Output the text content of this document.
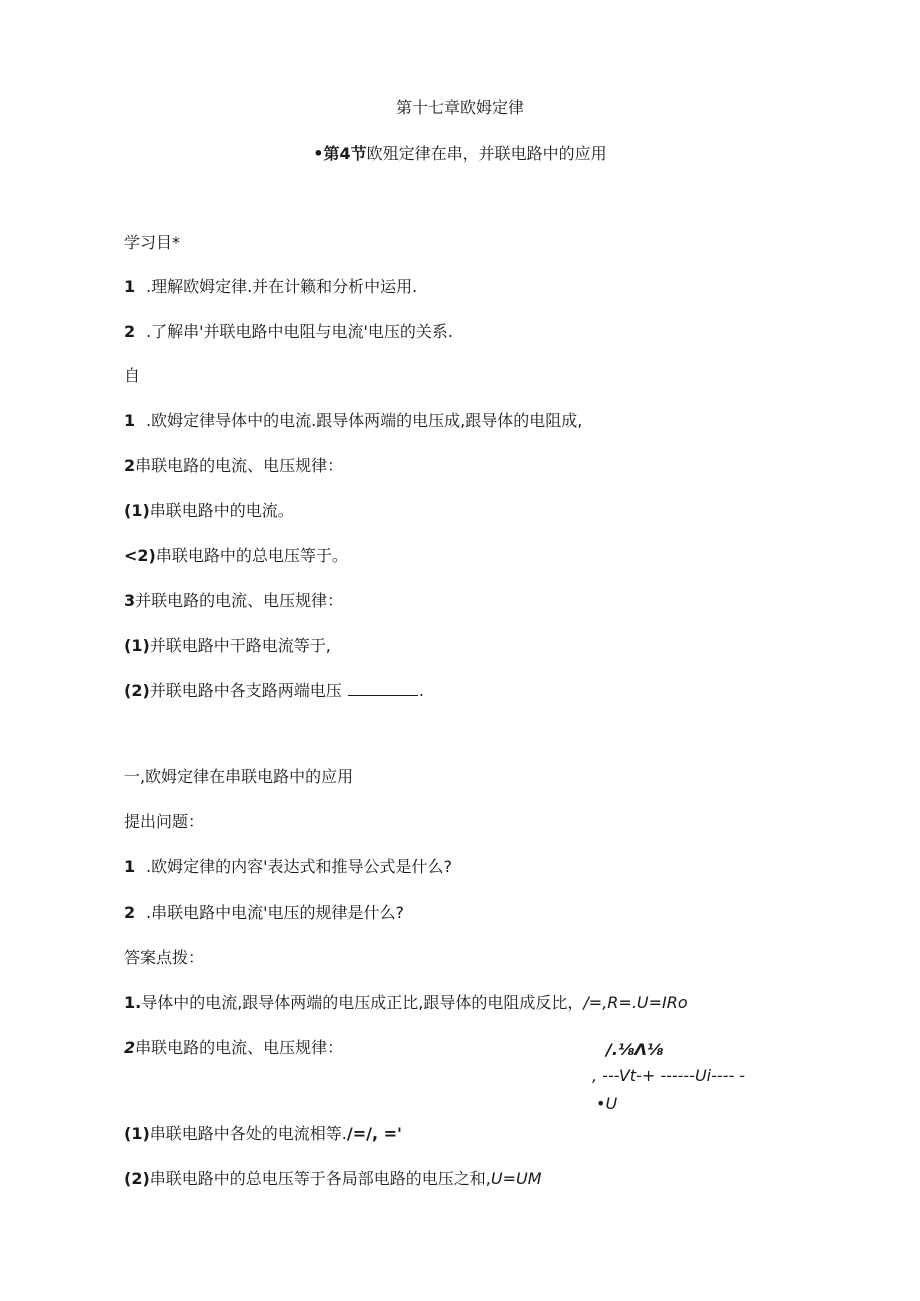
第十七章欧姆定律
•第4节欧殂定律在串，并联电路中的应用
学习目*
1 .理解欧姆定律.并在计籁和分析中运用.
2 .了解串'并联电路中电阻与电流'电压的关系.
自
1 .欧姆定律导体中的电流.跟导体两端的电压成,跟导体的电阻成,
2串联电路的电流、电压规律：
(1)串联电路中的电流。
<2)串联电路中的总电压等于。
3并联电路的电流、电压规律：
(1)并联电路中干路电流等于,
(2)并联电路中各支路两端电压	.
一,欧姆定律在串联电路中的应用
提出问题：
1 .欧姆定律的内容'表达式和推导公式是什么?
2 .串联电路中电流'电压的规律是什么?
答案点拨：
1.导体中的电流,跟导体两端的电压成正比,跟导体的电阻成反比，/=,R=.U=IRo
2串联电路的电流、电压规律：	/.⅛Λ⅛
, ---Vt-+ ------Ui---- -
•U
(1)串联电路中各处的电流相等./=/, ='
(2)串联电路中的总电压等于各局部电路的电压之和,U=UM
